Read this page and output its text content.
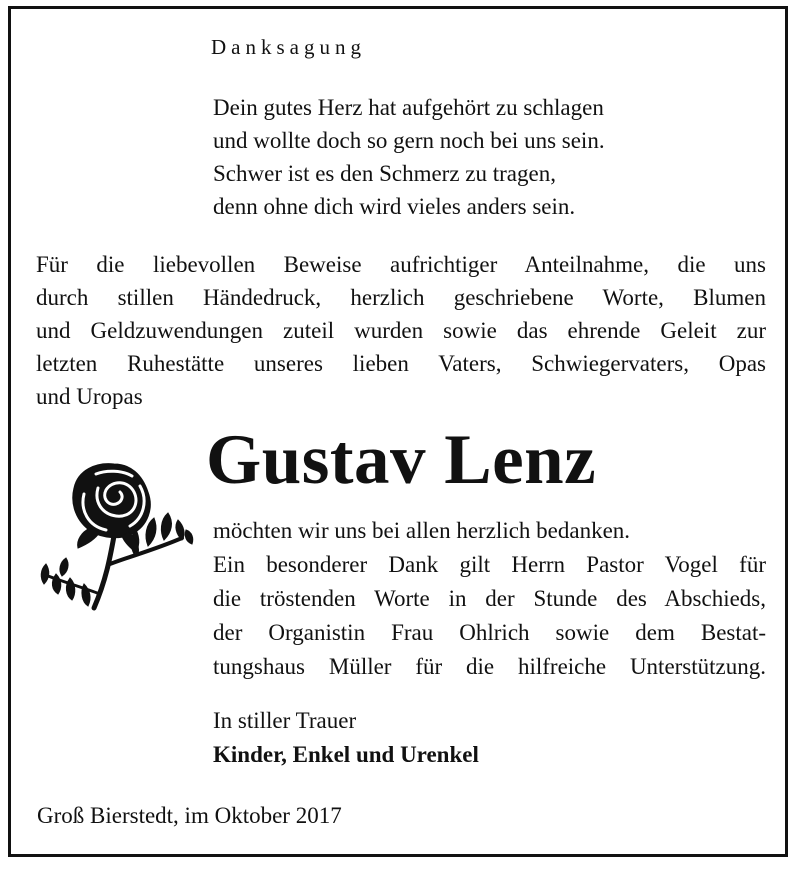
Danksagung
Dein gutes Herz hat aufgehört zu schlagen
und wollte doch so gern noch bei uns sein.
Schwer ist es den Schmerz zu tragen,
denn ohne dich wird vieles anders sein.
Für die liebevollen Beweise aufrichtiger Anteilnahme, die uns
durch stillen Händedruck, herzlich geschriebene Worte, Blumen
und Geldzuwendungen zuteil wurden sowie das ehrende Geleit zur
letzten Ruhestätte unseres lieben Vaters, Schwiegervaters, Opas
und Uropas
Gustav Lenz
möchten wir uns bei allen herzlich bedanken.
Ein besonderer Dank gilt Herrn Pastor Vogel für
die tröstenden Worte in der Stunde des Abschieds,
der Organistin Frau Ohlrich sowie dem Bestat-
tungshaus Müller für die hilfreiche Unterstützung.
In stiller Trauer
Kinder, Enkel und Urenkel
Groß Bierstedt, im Oktober 2017
